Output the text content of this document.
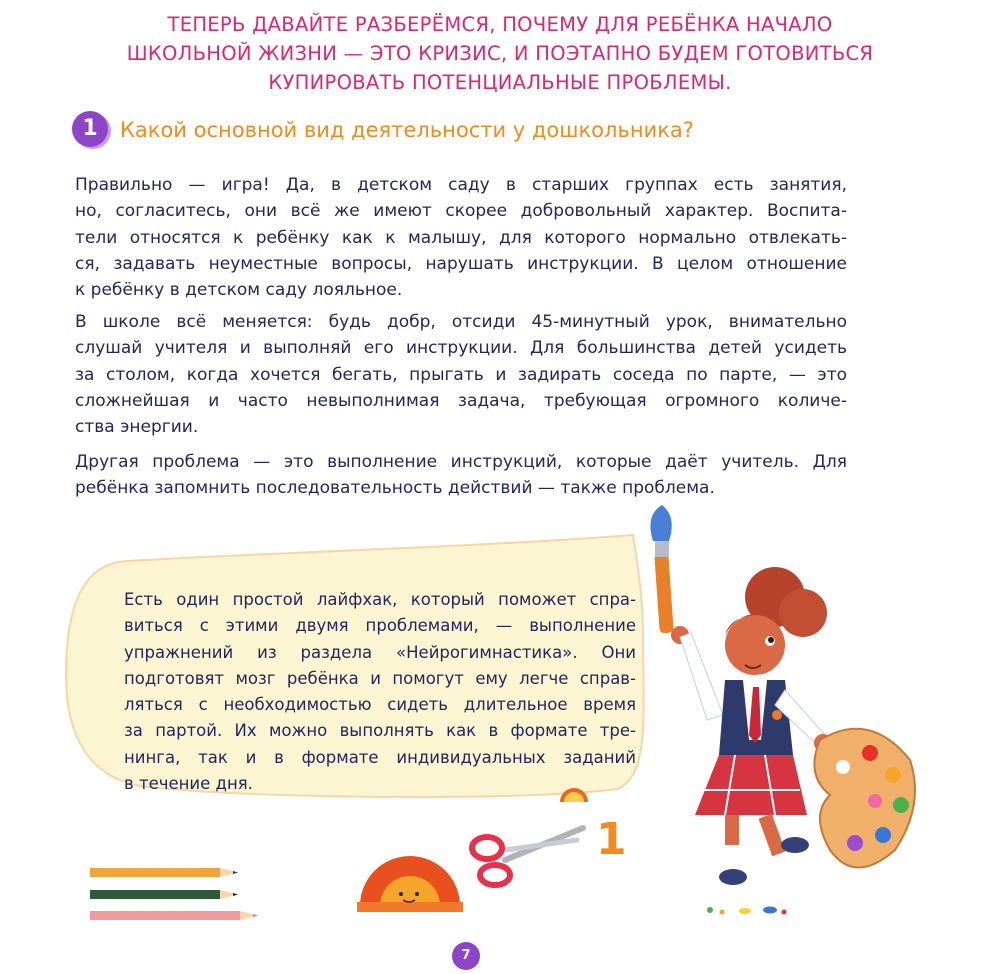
ТЕПЕРЬ ДАВАЙТЕ РАЗБЕРЁМСЯ, ПОЧЕМУ ДЛЯ РЕБЁНКА НАЧАЛО
ШКОЛЬНОЙ ЖИЗНИ — ЭТО КРИЗИС, И ПОЭТАПНО БУДЕМ ГОТОВИТЬСЯ
КУПИРОВАТЬ ПОТЕНЦИАЛЬНЫЕ ПРОБЛЕМЫ.
1	Какой основной вид деятельности у дошкольника?
Правильно — игра! Да, в детском саду в старших группах есть занятия,
но, согласитесь, они всё же имеют скорее добровольный характер. Воспита-
тели относятся к ребёнку как к малышу, для которого нормально отвлекать-
ся, задавать неуместные вопросы, нарушать инструкции. В целом отношение
к ребёнку в детском саду лояльное.
В школе всё меняется: будь добр, отсиди 45-минутный урок, внимательно
слушай учителя и выполняй его инструкции. Для большинства детей усидеть
за столом, когда хочется бегать, прыгать и задирать соседа по парте, — это
сложнейшая и часто невыполнимая задача, требующая огромного количе-
ства энергии.
Другая проблема — это выполнение инструкций, которые даёт учитель. Для
ребёнка запомнить последовательность действий — также проблема.
Есть один простой лайфхак, который поможет спра-
виться с этими двумя проблемами, — выполнение
упражнений из раздела «Нейрогимнастика». Они
подготовят мозг ребёнка и помогут ему легче справ-
ляться с необходимостью сидеть длительное время
за партой. Их можно выполнять как в формате тре-
нинга, так и в формате индивидуальных заданий
в течение дня.
1
7
